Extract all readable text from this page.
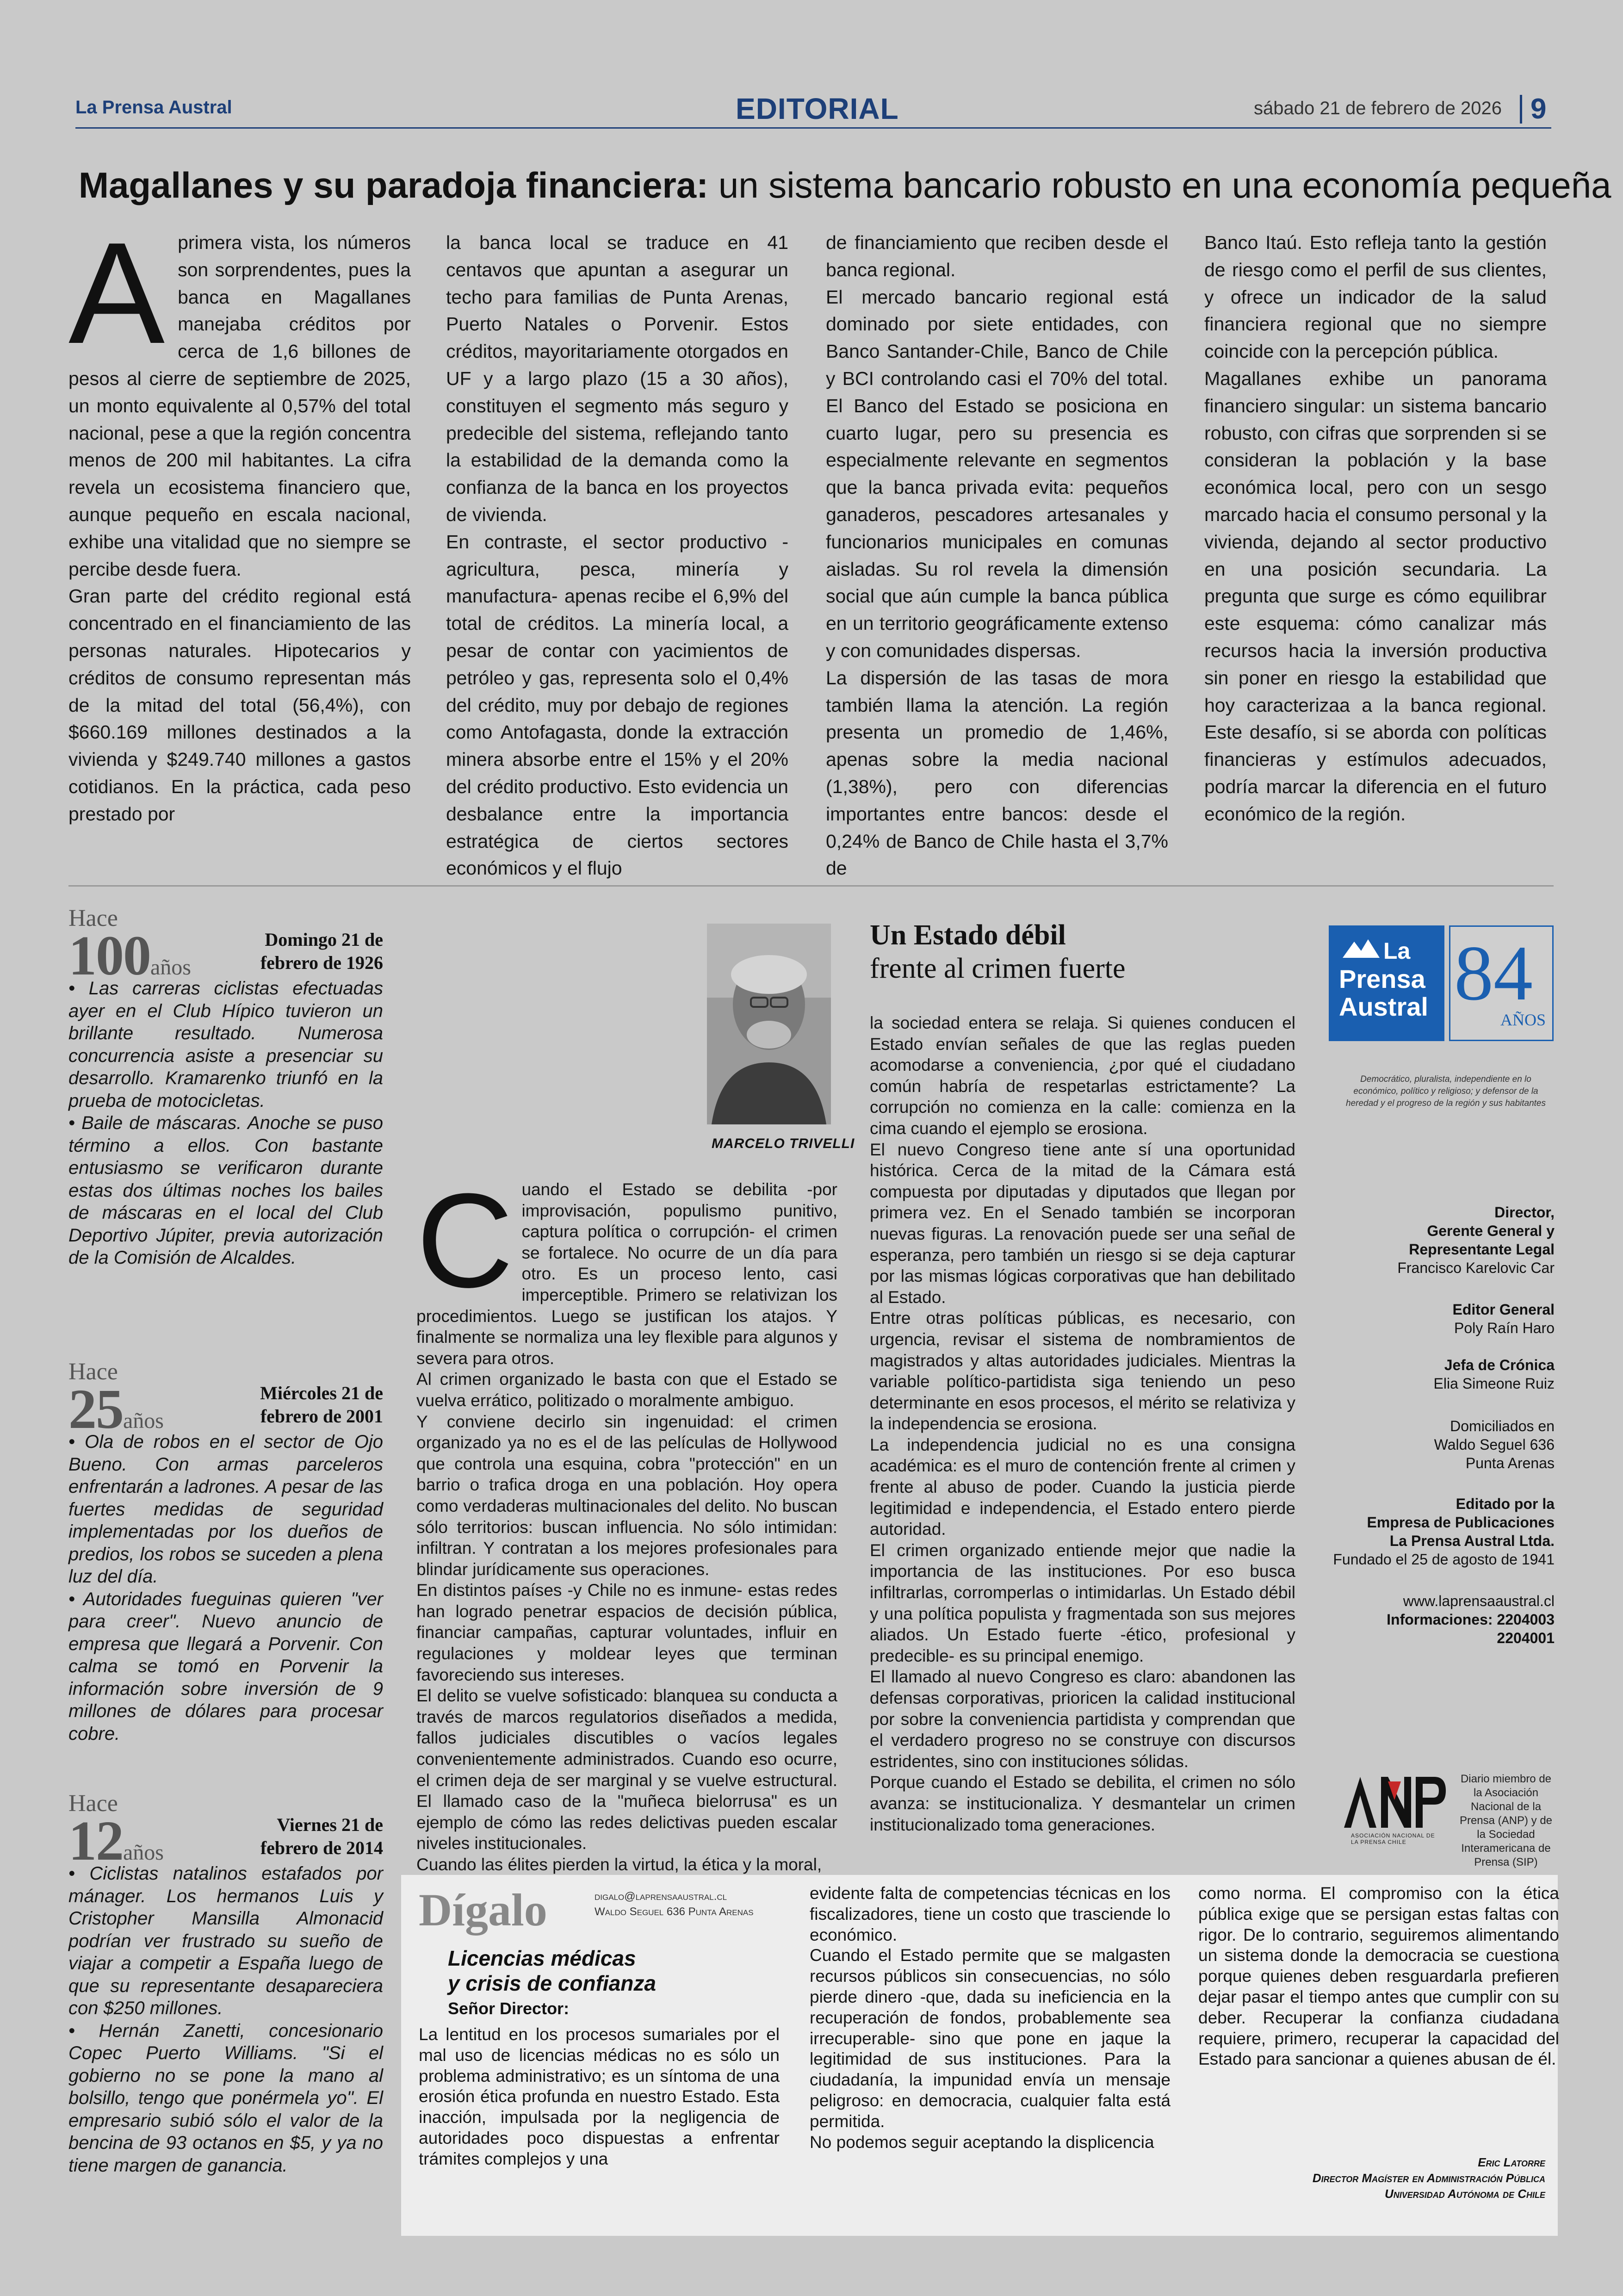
La Prensa Austral	EDITORIAL	sábado 21 de febrero de 2026 9
Magallanes y su paradoja financiera: un sistema bancario robusto en una economía pequeña
A primera vista, los números son sorprendentes, pues la banca en Magallanes manejaba créditos por cerca de 1,6 billones de pesos al cierre de septiembre de 2025, un monto equivalente al 0,57% del total nacional, pese a que la región concentra menos de 200 mil habitantes. La cifra revela un ecosistema financiero que, aunque pequeño en escala nacional, exhibe una vitalidad que no siempre se percibe desde fuera.

Gran parte del crédito regional está concentrado en el financiamiento de las personas naturales. Hipotecarios y créditos de consumo representan más de la mitad del total (56,4%), con $660.169 millones destinados a la vivienda y $249.740 millones a gastos cotidianos. En la práctica, cada peso prestado por

la banca local se traduce en 41 centavos que apuntan a asegurar un techo para familias de Punta Arenas, Puerto Natales o Porvenir. Estos créditos, mayoritariamente otorgados en UF y a largo plazo (15 a 30 años), constituyen el segmento más seguro y predecible del sistema, reflejando tanto la estabilidad de la demanda como la confianza de la banca en los proyectos de vivienda.

En contraste, el sector productivo -agricultura, pesca, minería y manufactura- apenas recibe el 6,9% del total de créditos. La minería local, a pesar de contar con yacimientos de petróleo y gas, representa solo el 0,4% del crédito, muy por debajo de regiones como Antofagasta, donde la extracción minera absorbe entre el 15% y el 20% del crédito productivo. Esto evidencia un desbalance entre la importancia estratégica de ciertos sectores económicos y el flujo

de financiamiento que reciben desde el banca regional.

El mercado bancario regional está dominado por siete entidades, con Banco Santander-Chile, Banco de Chile y BCI controlando casi el 70% del total. El Banco del Estado se posiciona en cuarto lugar, pero su presencia es especialmente relevante en segmentos que la banca privada evita: pequeños ganaderos, pescadores artesanales y funcionarios municipales en comunas aisladas. Su rol revela la dimensión social que aún cumple la banca pública en un territorio geográficamente extenso y con comunidades dispersas.

La dispersión de las tasas de mora también llama la atención. La región presenta un promedio de 1,46%, apenas sobre la media nacional (1,38%), pero con diferencias importantes entre bancos: desde el 0,24% de Banco de Chile hasta el 3,7% de

Banco Itaú. Esto refleja tanto la gestión de riesgo como el perfil de sus clientes, y ofrece un indicador de la salud financiera regional que no siempre coincide con la percepción pública.

Magallanes exhibe un panorama financiero singular: un sistema bancario robusto, con cifras que sorprenden si se consideran la población y la base económica local, pero con un sesgo marcado hacia el consumo personal y la vivienda, dejando al sector productivo en una posición secundaria. La pregunta que surge es cómo equilibrar este esquema: cómo canalizar más recursos hacia la inversión productiva sin poner en riesgo la estabilidad que hoy caracterizaa a la banca regional. Este desafío, si se aborda con políticas financieras y estímulos adecuados, podría marcar la diferencia en el futuro económico de la región.

Hace
100años
Domingo 21 de
febrero de 1926

• Las carreras ciclistas efectuadas ayer en el Club Hípico tuvieron un brillante resultado. Numerosa concurrencia asiste a presenciar su desarrollo. Kramarenko triunfó en la prueba de motocicletas.

• Baile de máscaras. Anoche se puso término a ellos. Con bastante entusiasmo se verificaron durante estas dos últimas noches los bailes de máscaras en el local del Club Deportivo Júpiter, previa autorización de la Comisión de Alcaldes.

Hace
25años
Miércoles 21 de
febrero de 2001

• Ola de robos en el sector de Ojo Bueno. Con armas parceleros enfrentarán a ladrones. A pesar de las fuertes medidas de seguridad implementadas por los dueños de predios, los robos se suceden a plena luz del día.

• Autoridades fueguinas quieren "ver para creer". Nuevo anuncio de empresa que llegará a Porvenir. Con calma se tomó en Porvenir la información sobre inversión de 9 millones de dólares para procesar cobre.

Hace
12años
Viernes 21 de
febrero de 2014

• Ciclistas natalinos estafados por mánager. Los hermanos Luis y Cristopher Mansilla Almonacid podrían ver frustrado su sueño de viajar a competir a España luego de que su representante desapareciera con $250 millones.

• Hernán Zanetti, concesionario Copec Puerto Williams. "Si el gobierno no se pone la mano al bolsillo, tengo que ponérmela yo". El empresario subió sólo el valor de la bencina de 93 octanos en $5, y ya no tiene margen de ganancia.

MARCELO TRIVELLI
Un Estado débil
frente al crimen fuerte
C uando el Estado se debilita -por improvisación, populismo punitivo, captura política o corrupción- el crimen se fortalece. No ocurre de un día para otro. Es un proceso lento, casi imperceptible. Primero se relativizan los procedimientos. Luego se justifican los atajos. Y finalmente se normaliza una ley flexible para algunos y severa para otros.

Al crimen organizado le basta con que el Estado se vuelva errático, politizado o moralmente ambiguo.

Y conviene decirlo sin ingenuidad: el crimen organizado ya no es el de las películas de Hollywood que controla una esquina, cobra "protección" en un barrio o trafica droga en una población. Hoy opera como verdaderas multinacionales del delito. No buscan sólo territorios: buscan influencia. No sólo intimidan: infiltran. Y contratan a los mejores profesionales para blindar jurídicamente sus operaciones.

En distintos países -y Chile no es inmune- estas redes han logrado penetrar espacios de decisión pública, financiar campañas, capturar voluntades, influir en regulaciones y moldear leyes que terminan favoreciendo sus intereses.

El delito se vuelve sofisticado: blanquea su conducta a través de marcos regulatorios diseñados a medida, fallos judiciales discutibles o vacíos legales convenientemente administrados. Cuando eso ocurre, el crimen deja de ser marginal y se vuelve estructural. El llamado caso de la "muñeca bielorrusa" es un ejemplo de cómo las redes delictivas pueden escalar niveles institucionales.

Cuando las élites pierden la virtud, la ética y la moral,

la sociedad entera se relaja. Si quienes conducen el Estado envían señales de que las reglas pueden acomodarse a conveniencia, ¿por qué el ciudadano común habría de respetarlas estrictamente? La corrupción no comienza en la calle: comienza en la cima cuando el ejemplo se erosiona.

El nuevo Congreso tiene ante sí una oportunidad histórica. Cerca de la mitad de la Cámara está compuesta por diputadas y diputados que llegan por primera vez. En el Senado también se incorporan nuevas figuras. La renovación puede ser una señal de esperanza, pero también un riesgo si se deja capturar por las mismas lógicas corporativas que han debilitado al Estado.

Entre otras políticas públicas, es necesario, con urgencia, revisar el sistema de nombramientos de magistrados y altas autoridades judiciales. Mientras la variable político-partidista siga teniendo un peso determinante en esos procesos, el mérito se relativiza y la independencia se erosiona.

La independencia judicial no es una consigna académica: es el muro de contención frente al crimen y frente al abuso de poder. Cuando la justicia pierde legitimidad e independencia, el Estado entero pierde autoridad.

El crimen organizado entiende mejor que nadie la importancia de las instituciones. Por eso busca infiltrarlas, corromperlas o intimidarlas. Un Estado débil y una política populista y fragmentada son sus mejores aliados. Un Estado fuerte -ético, profesional y predecible- es su principal enemigo.

El llamado al nuevo Congreso es claro: abandonen las defensas corporativas, prioricen la calidad institucional por sobre la conveniencia partidista y comprendan que el verdadero progreso no se construye con discursos estridentes, sino con instituciones sólidas.

Porque cuando el Estado se debilita, el crimen no sólo avanza: se institucionaliza. Y desmantelar un crimen institucionalizado toma generaciones.

La
Prensa
Austral 84
AÑOS
Democrático, pluralista, independiente en lo económico, político y religioso; y defensor de la heredad y el progreso de la región y sus habitantes
Director,
Gerente General y
Representante Legal
Francisco Karelovic Car
Editor General
Poly Raín Haro
Jefa de Crónica
Elia Simeone Ruiz
Domiciliados en
Waldo Seguel 636
Punta Arenas
Editado por la
Empresa de Publicaciones
La Prensa Austral Ltda.
Fundado el 25 de agosto de 1941
www.laprensaaustral.cl
Informaciones: 2204003
2204001
ASOCIACIÓN NACIONAL DE LA PRENSA CHILE
Diario miembro de la Asociación Nacional de la Prensa (ANP) y de la Sociedad Interamericana de Prensa (SIP)
Dígalo	digalo@laprensaaustral.cl
Waldo Seguel 636 Punta Arenas
Licencias médicas
y crisis de confianza
Señor Director:

La lentitud en los procesos sumariales por el mal uso de licencias médicas no es sólo un problema administrativo; es un síntoma de una erosión ética profunda en nuestro Estado. Esta inacción, impulsada por la negligencia de autoridades poco dispuestas a enfrentar trámites complejos y una

evidente falta de competencias técnicas en los fiscalizadores, tiene un costo que trasciende lo económico.

Cuando el Estado permite que se malgasten recursos públicos sin consecuencias, no sólo pierde dinero -que, dada su ineficiencia en la recuperación de fondos, probablemente sea irrecuperable- sino que pone en jaque la legitimidad de sus instituciones. Para la ciudadanía, la impunidad envía un mensaje peligroso: en democracia, cualquier falta está permitida.

No podemos seguir aceptando la displicencia

como norma. El compromiso con la ética pública exige que se persigan estas faltas con rigor. De lo contrario, seguiremos alimentando un sistema donde la democracia se cuestiona porque quienes deben resguardarla prefieren dejar pasar el tiempo antes que cumplir con su deber. Recuperar la confianza ciudadana requiere, primero, recuperar la capacidad del Estado para sancionar a quienes abusan de él.

Eric Latorre
Director Magíster en Administración Pública
Universidad Autónoma de Chile
